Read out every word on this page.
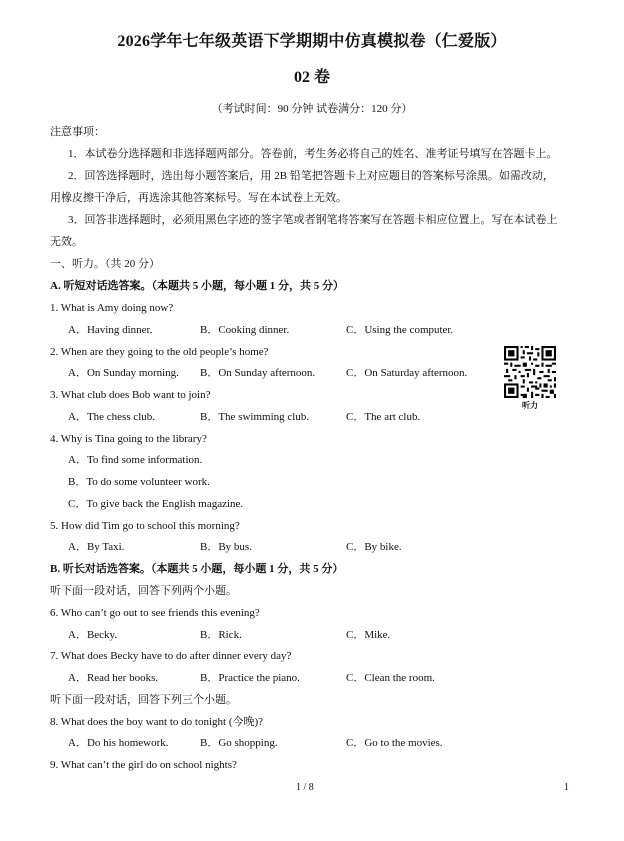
2026学年七年级英语下学期期中仿真模拟卷（仁爱版）
02 卷
（考试时间：90 分钟 试卷满分：120 分）
注意事项：
1．本试卷分选择题和非选择题两部分。答卷前，考生务必将自己的姓名、准考证号填写在答题卡上。
2．回答选择题时，选出每小题答案后，用 2B 铅笔把答题卡上对应题目的答案标号涂黑。如需改动，
用橡皮擦干净后，再选涂其他答案标号。写在本试卷上无效。
3．回答非选择题时，必须用黑色字迹的签字笔或者钢笔将答案写在答题卡相应位置上。写在本试卷上
无效。
一、听力。（共 20 分）
A. 听短对话选答案。（本题共 5 小题，每小题 1 分，共 5 分）
1. What is Amy doing now?
A．Having dinner.	B．Cooking dinner.	C．Using the computer.
2. When are they going to the old people’s home?
A．On Sunday morning. B．On Sunday afternoon.	C．On Saturday afternoon.
3. What club does Bob want to join?
A．The chess club.	B．The swimming club.	C．The art club.
听力
4. Why is Tina going to the library?
A．To find some information.
B．To do some volunteer work.
C．To give back the English magazine.
5. How did Tim go to school this morning?
A．By Taxi.	B．By bus.	C．By bike.
B. 听长对话选答案。（本题共 5 小题，每小题 1 分，共 5 分）
听下面一段对话，回答下列两个小题。
6. Who can’t go out to see friends this evening?
A．Becky.	B．Rick.	C．Mike.
7. What does Becky have to do after dinner every day?
A．Read her books.	B．Practice the piano.	C．Clean the room.
听下面一段对话，回答下列三个小题。
8. What does the boy want to do tonight (今晚)?
A．Do his homework.	B．Go shopping.	C．Go to the movies.
9. What can’t the girl do on school nights?
1 / 8	1
